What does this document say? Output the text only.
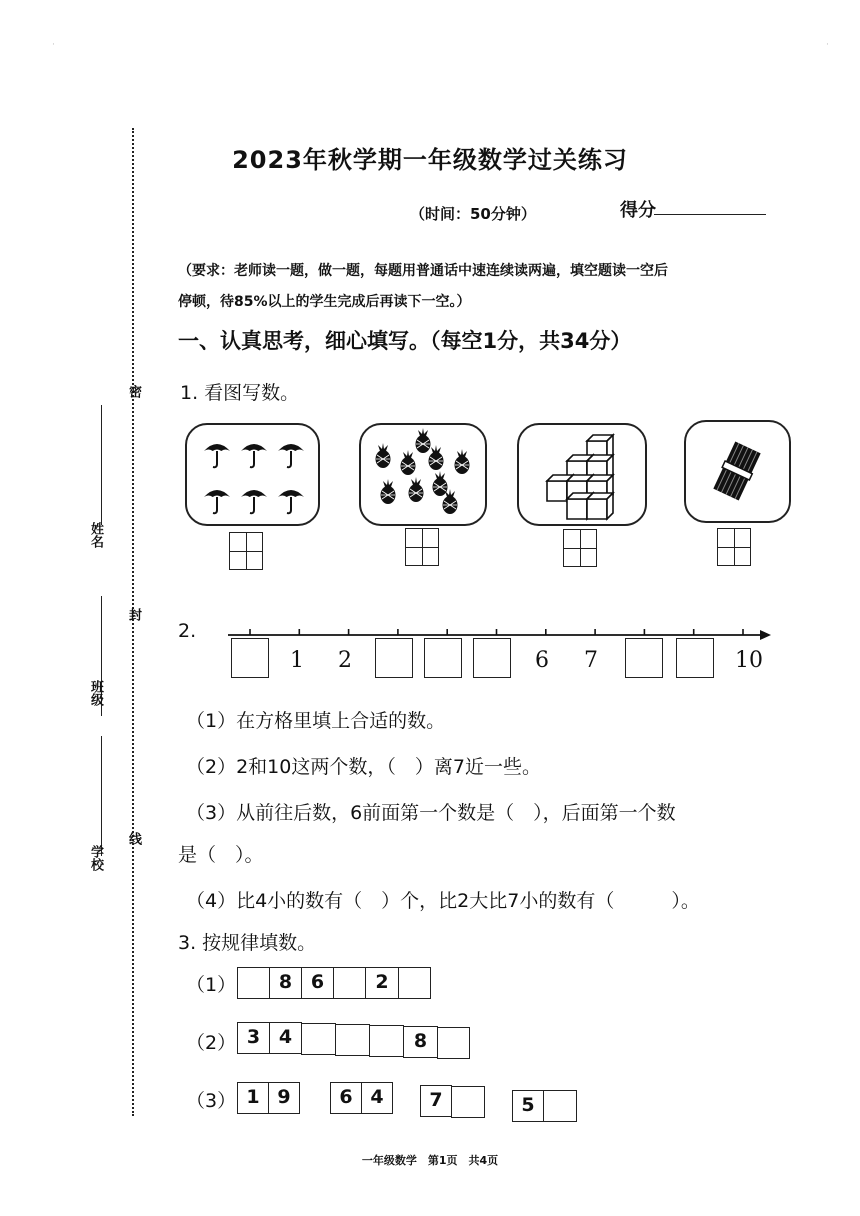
·	·
密
封
线
姓名
班级
学校
2023年秋学期一年级数学过关练习
（时间：50分钟）	得分
（要求：老师读一题，做一题，每题用普通话中速连续读两遍，填空题读一空后
停顿，待85%以上的学生完成后再读下一空。）
一、认真思考，细心填写。（每空1分，共34分）
1. 看图写数。
2.
1 2	6 7	10
（1）在方格里填上合适的数。
（2）2和10这两个数，（　）离7近一些。
（3）从前往后数，6前面第一个数是（　），后面第一个数
是（　）。
（4）比4小的数有（　）个，比2大比7小的数有（　　　）。
3. 按规律填数。
（1）	8 6	2
（2） 3 4	8
（3） 1 9	6 4	7	5
一年级数学　第1页　共4页
